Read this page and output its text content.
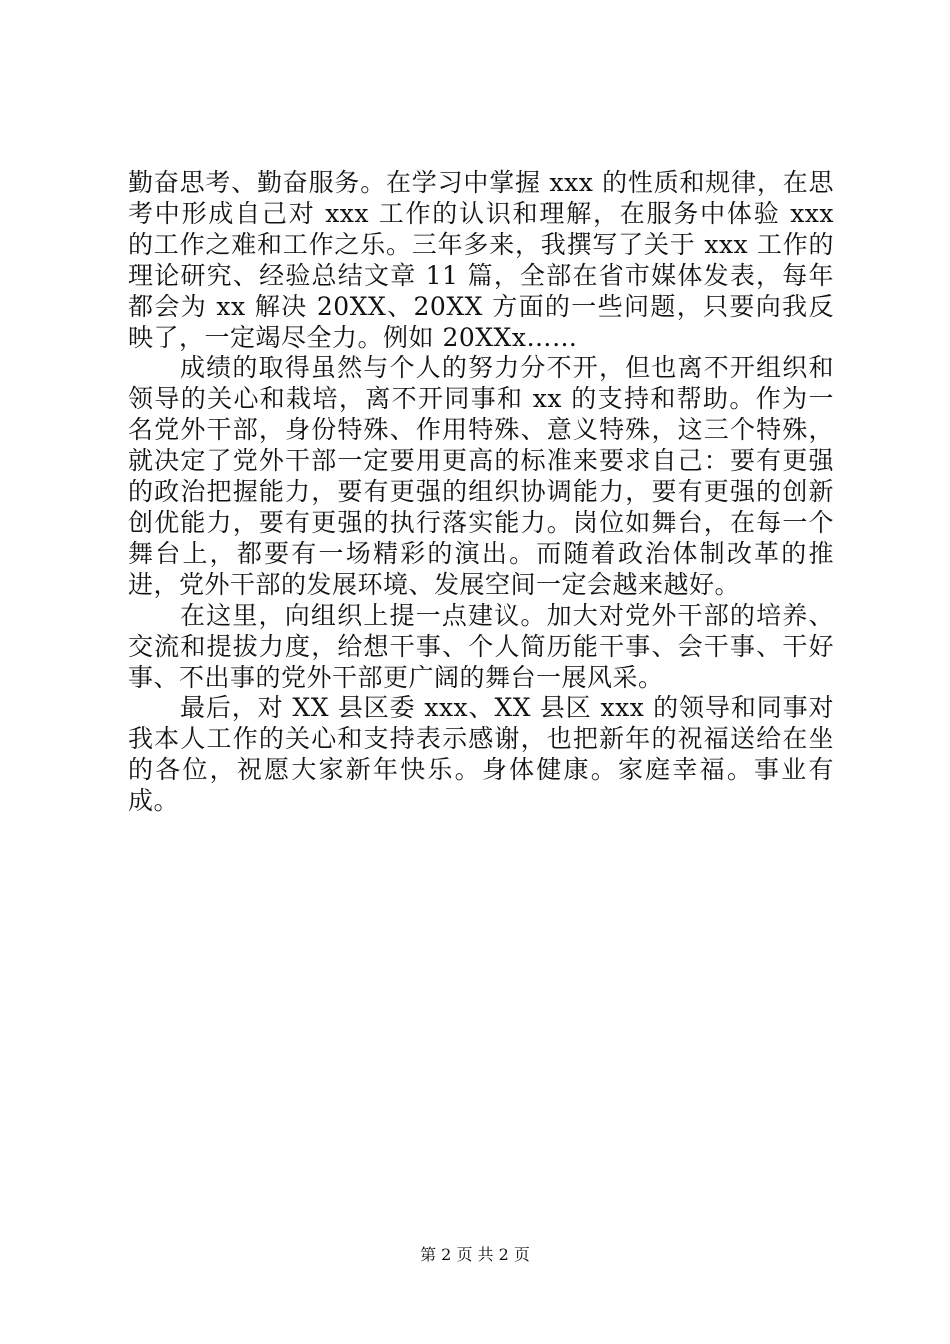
勤奋思考、勤奋服务。在学习中掌握 xxx 的性质和规律，在思考中形成自己对 xxx 工作的认识和理解，在服务中体验 xxx 的工作之难和工作之乐。三年多来，我撰写了关于 xxx 工作的理论研究、经验总结文章 11 篇，全部在省市媒体发表，每年都会为 xx 解决 20XX、20XX 方面的一些问题，只要向我反映了，一定竭尽全力。例如 20XXx……

成绩的取得虽然与个人的努力分不开，但也离不开组织和领导的关心和栽培，离不开同事和 xx 的支持和帮助。作为一名党外干部，身份特殊、作用特殊、意义特殊，这三个特殊，就决定了党外干部一定要用更高的标准来要求自己：要有更强的政治把握能力，要有更强的组织协调能力，要有更强的创新创优能力，要有更强的执行落实能力。岗位如舞台，在每一个舞台上，都要有一场精彩的演出。而随着政治体制改革的推进，党外干部的发展环境、发展空间一定会越来越好。

在这里，向组织上提一点建议。加大对党外干部的培养、交流和提拔力度，给想干事、个人简历能干事、会干事、干好事、不出事的党外干部更广阔的舞台一展风采。

最后，对 XX 县区委 xxx、XX 县区 xxx 的领导和同事对我本人工作的关心和支持表示感谢，也把新年的祝福送给在坐的各位，祝愿大家新年快乐。身体健康。家庭幸福。事业有成。

第 2 页 共 2 页
